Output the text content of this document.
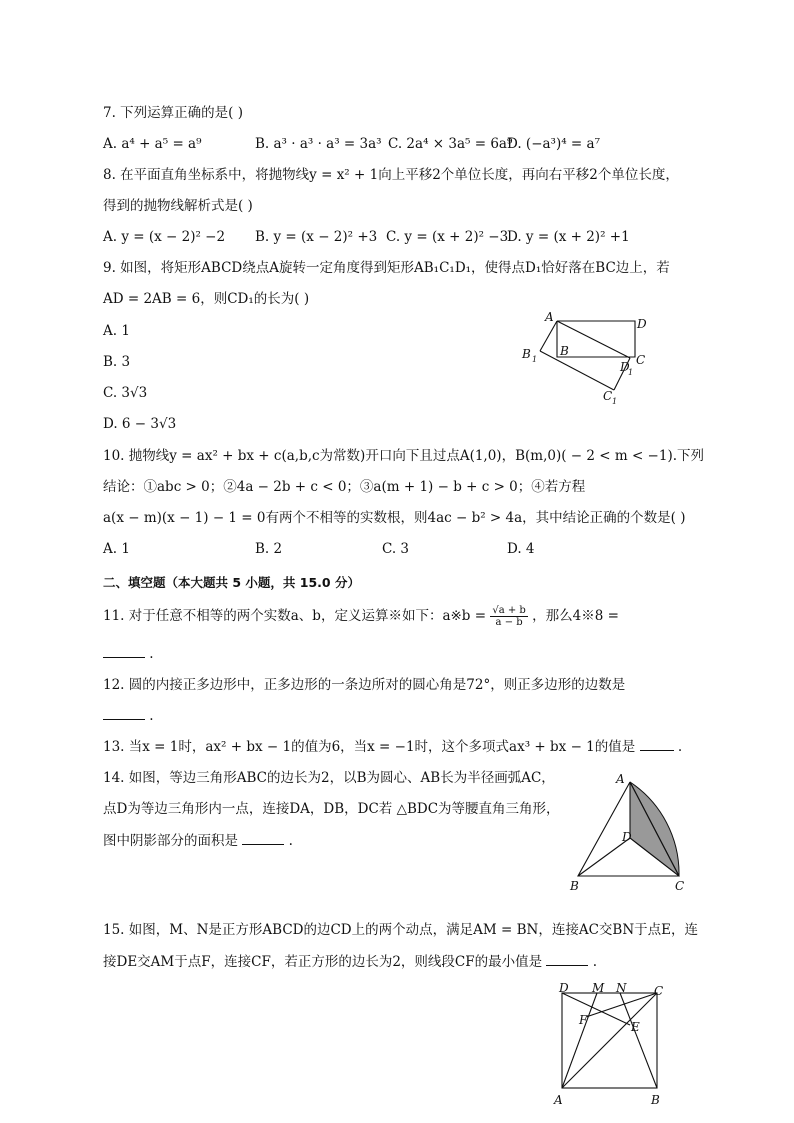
7. 下列运算正确的是( )
A. a⁴ + a⁵ = a⁹	B. a³ · a³ · a³ = 3a³ C. 2a⁴ × 3a⁵ = 6a⁹
D. (−a³)⁴ = a⁷
8. 在平面直角坐标系中，将抛物线y = x² + 1向上平移2个单位长度，再向右平移2个单位长度，
得到的抛物线解析式是( )
A. y = (x − 2)² −2 B. y = (x − 2)² +3 C. y = (x + 2)² −3
D. y = (x + 2)² +1
9. 如图，将矩形ABCD绕点A旋转一定角度得到矩形AB₁C₁D₁，使得点D₁恰好落在BC边上，若
AD = 2AB = 6，则CD₁的长为( )
A. 1
B. 3
C. 3√3
D. 6 − 3√3
A	D
B
C
B 1
D
1
C 1
10. 抛物线y = ax² + bx + c(a,b,c为常数)开口向下且过点A(1,0)，B(m,0)( − 2 < m < −1).下列
结论：①abc > 0；②4a − 2b + c < 0；③a(m + 1) − b + c > 0；④若方程
a(x − m)(x − 1) − 1 = 0有两个不相等的实数根，则4ac − b² > 4a，其中结论正确的个数是( )
A. 1	B. 2	C. 3	D. 4
二、填空题（本大题共 5 小题，共 15.0 分）
11. 对于任意不相等的两个实数a、b，定义运算※如下：a※b = $\frac{√a + b}{a - b}$ ，那么4※8 =
.
12. 圆的内接正多边形中，正多边形的一条边所对的圆心角是72°，则正多边形的边数是
.
13. 当x = 1时，ax² + bx − 1的值为6，当x = −1时，这个多项式ax³ + bx − 1的值是	.
14. 如图，等边三角形ABC的边长为2，以B为圆心、AB长为半径画弧AC，
点D为等边三角形内一点，连接DA，DB，DC若 △BDC为等腰直角三角形，
图中阴影部分的面积是	.
A
B	C
D
15. 如图，M、N是正方形ABCD的边CD上的两个动点，满足AM = BN，连接AC交BN于点E，连
接DE交AM于点F，连接CF，若正方形的边长为2，则线段CF的最小值是	.
D M N C
F	E
A	B
